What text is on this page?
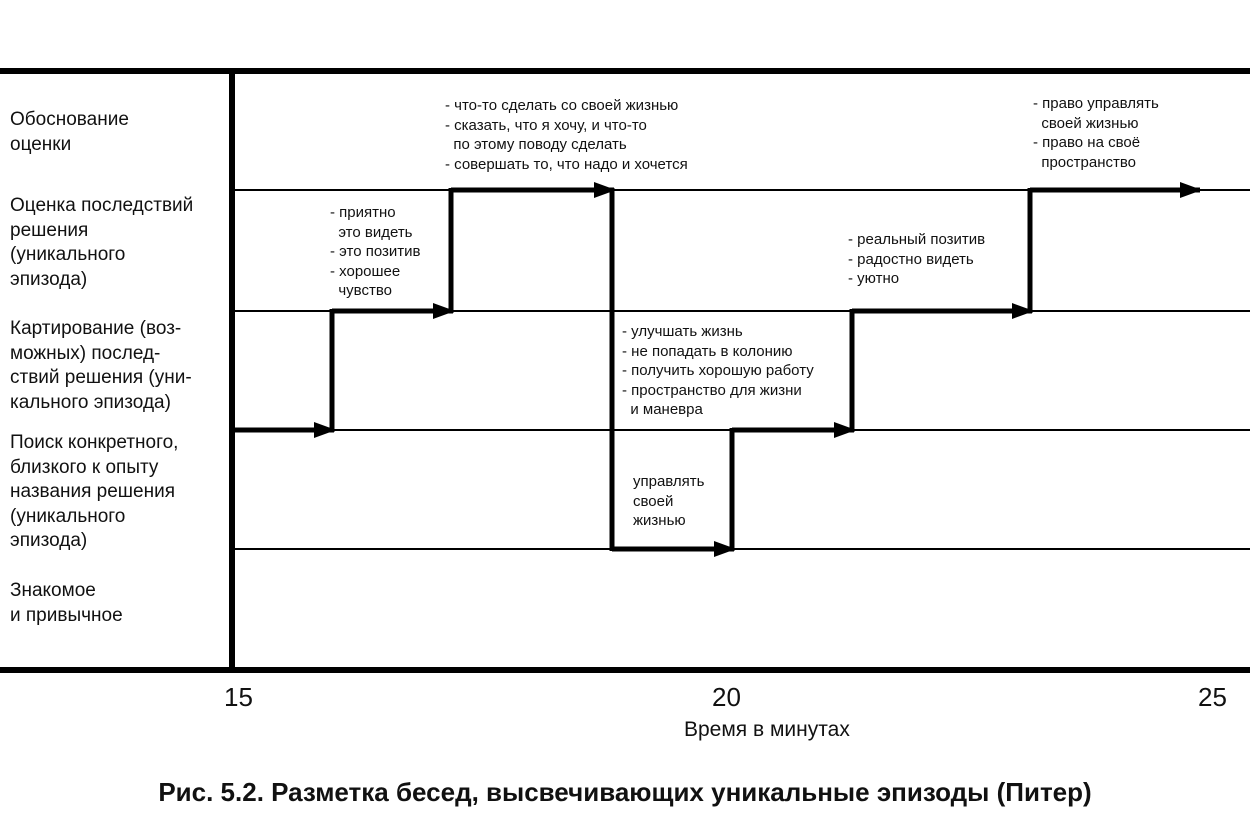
Обоснование
оценки
Оценка последствий
решения
(уникального
эпизода)
Картирование (воз-
можных) послед-
ствий решения (уни-
кального эпизода)
Поиск конкретного,
близкого к опыту
названия решения
(уникального
эпизода)
Знакомое
и привычное
- приятно
это видеть
- это позитив
- хорошее
чувство
- что-то сделать со своей жизнью
- сказать, что я хочу, и что-то
по этому поводу сделать
- совершать то, что надо и хочется
- улучшать жизнь
- не попадать в колонию
- получить хорошую работу
- пространство для жизни
и маневра
управлять
своей
жизнью
- реальный позитив
- радостно видеть
- уютно
- право управлять
своей жизнью
- право на своё
пространство
15	20	25
Время в минутах
Рис. 5.2. Разметка бесед, высвечивающих уникальные эпизоды (Питер)
